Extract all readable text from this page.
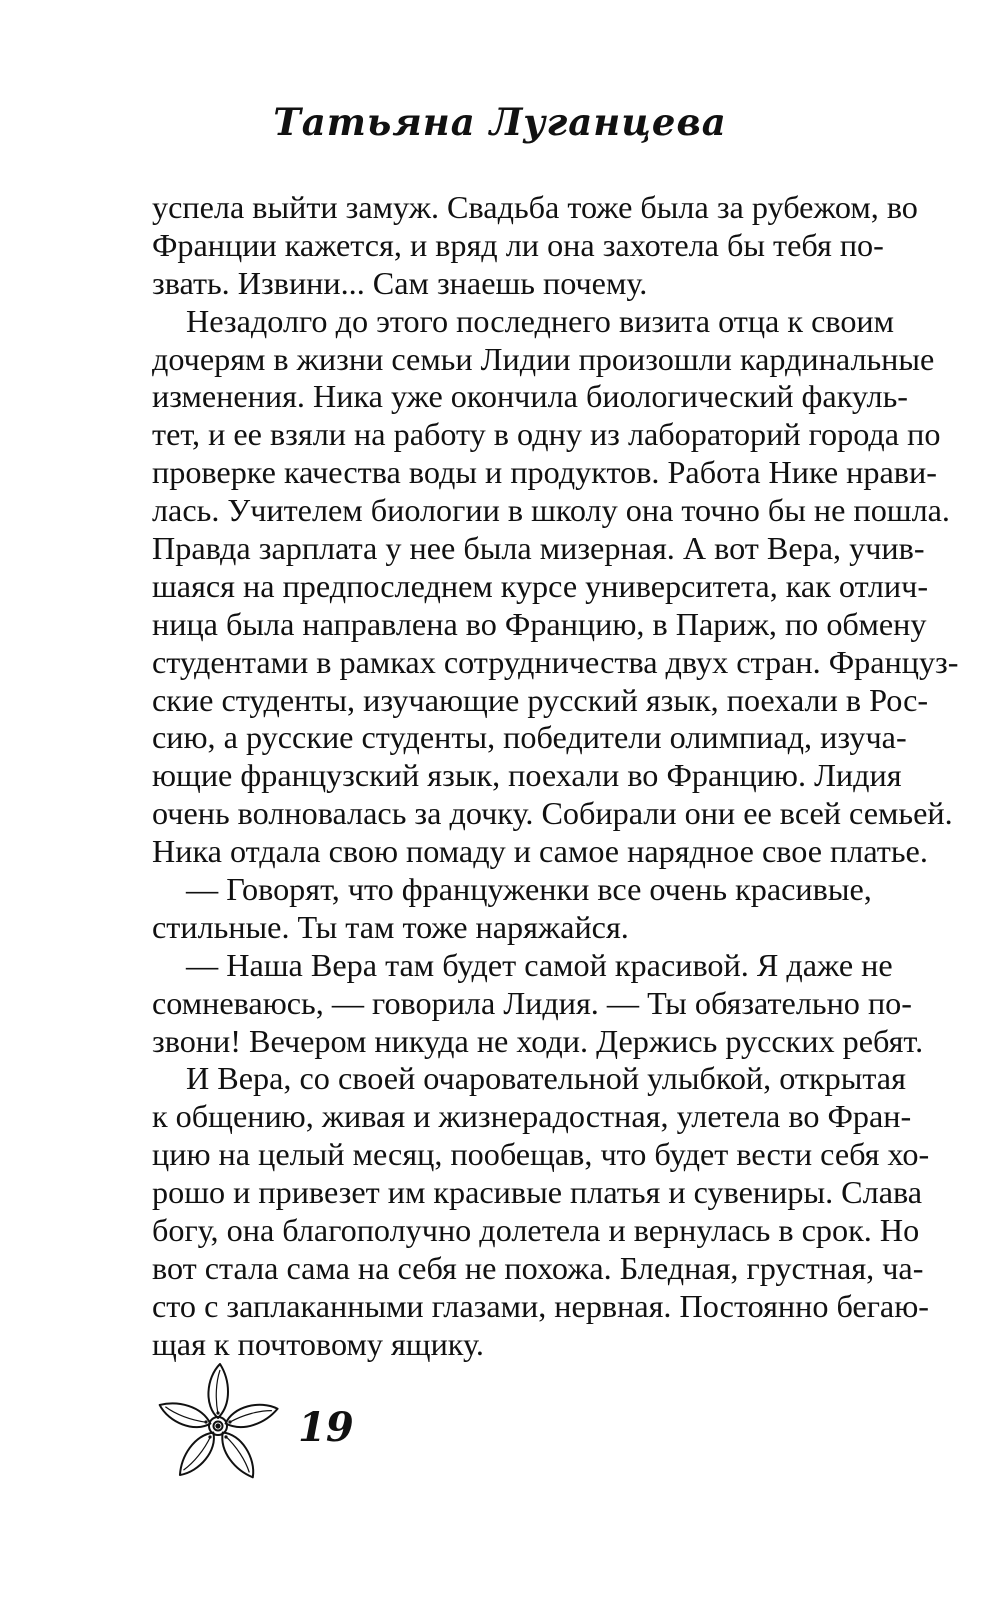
Татьяна Луганцева
успела выйти замуж. Свадьба тоже была за рубежом, во
Франции кажется, и вряд ли она захотела бы тебя по-
звать. Извини... Сам знаешь почему.
Незадолго до этого последнего визита отца к своим
дочерям в жизни семьи Лидии произошли кардинальные
изменения. Ника уже окончила биологический факуль-
тет, и ее взяли на работу в одну из лабораторий города по
проверке качества воды и продуктов. Работа Нике нрави-
лась. Учителем биологии в школу она точно бы не пошла.
Правда зарплата у нее была мизерная. А вот Вера, учив-
шаяся на предпоследнем курсе университета, как отлич-
ница была направлена во Францию, в Париж, по обмену
студентами в рамках сотрудничества двух стран. Француз-
ские студенты, изучающие русский язык, поехали в Рос-
сию, а русские студенты, победители олимпиад, изуча-
ющие французский язык, поехали во Францию. Лидия
очень волновалась за дочку. Собирали они ее всей семьей.
Ника отдала свою помаду и самое нарядное свое платье.
— Говорят, что француженки все очень красивые,
стильные. Ты там тоже наряжайся.
— Наша Вера там будет самой красивой. Я даже не
сомневаюсь, — говорила Лидия. — Ты обязательно по-
звони! Вечером никуда не ходи. Держись русских ребят.
И Вера, со своей очаровательной улыбкой, открытая
к общению, живая и жизнерадостная, улетела во Фран-
цию на целый месяц, пообещав, что будет вести себя хо-
рошо и привезет им красивые платья и сувениры. Слава
богу, она благополучно долетела и вернулась в срок. Но
вот стала сама на себя не похожа. Бледная, грустная, ча-
сто с заплаканными глазами, нервная. Постоянно бегаю-
щая к почтовому ящику.
19
